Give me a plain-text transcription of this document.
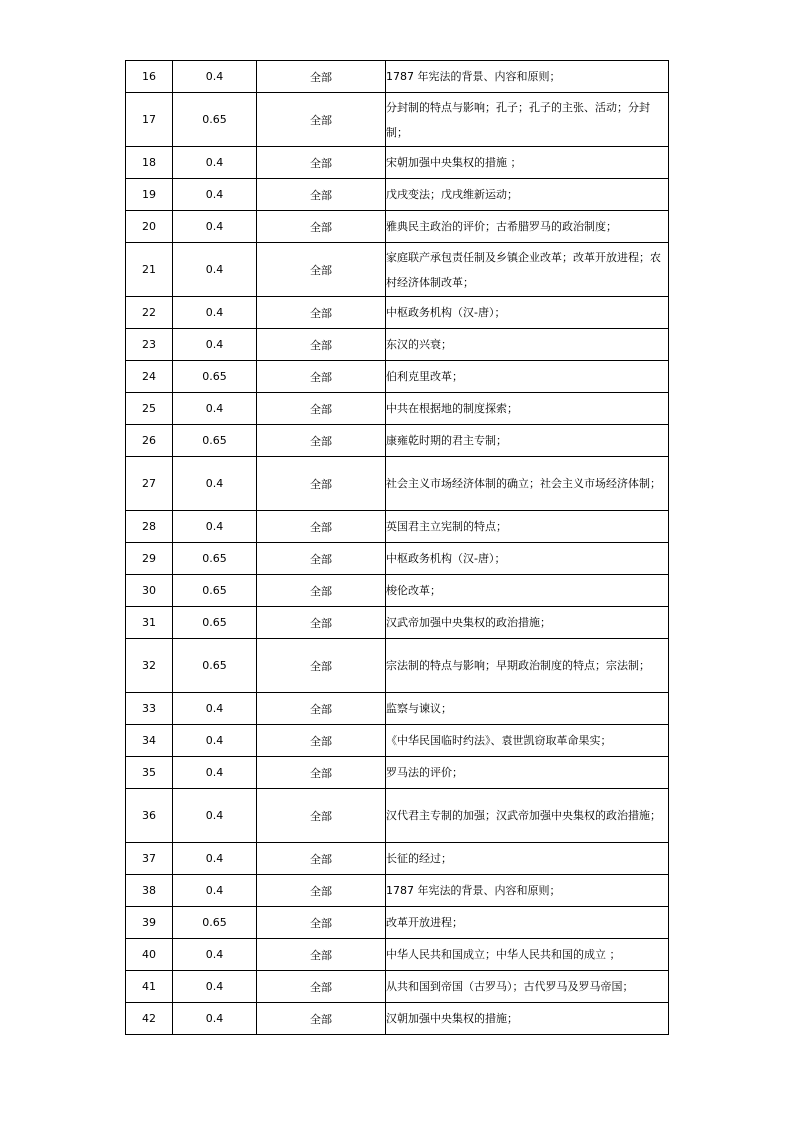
16	0.4	全部	1787 年宪法的背景、内容和原则；
17	0.65	全部	分封制的特点与影响；孔子；孔子的主张、活动；分封制；
18	0.4	全部	宋朝加强中央集权的措施 ；
19	0.4	全部	戊戌变法；戊戌维新运动；
20	0.4	全部	雅典民主政治的评价；古希腊罗马的政治制度；
21	0.4	全部	家庭联产承包责任制及乡镇企业改革；改革开放进程；农村经济体制改革；
22	0.4	全部	中枢政务机构（汉-唐）；
23	0.4	全部	东汉的兴衰；
24	0.65	全部	伯利克里改革；
25	0.4	全部	中共在根据地的制度探索；
26	0.65	全部	康雍乾时期的君主专制；
27	0.4	全部	社会主义市场经济体制的确立；社会主义市场经济体制；
28	0.4	全部	英国君主立宪制的特点；
29	0.65	全部	中枢政务机构（汉-唐）；
30	0.65	全部	梭伦改革；
31	0.65	全部	汉武帝加强中央集权的政治措施；
32	0.65	全部	宗法制的特点与影响；早期政治制度的特点；宗法制；
33	0.4	全部	监察与谏议；
34	0.4	全部	《中华民国临时约法》、袁世凯窃取革命果实；
35	0.4	全部	罗马法的评价；
36	0.4	全部	汉代君主专制的加强；汉武帝加强中央集权的政治措施；
37	0.4	全部	长征的经过；
38	0.4	全部	1787 年宪法的背景、内容和原则；
39	0.65	全部	改革开放进程；
40	0.4	全部	中华人民共和国成立；中华人民共和国的成立 ；
41	0.4	全部	从共和国到帝国（古罗马）；古代罗马及罗马帝国；
42	0.4	全部	汉朝加强中央集权的措施；
